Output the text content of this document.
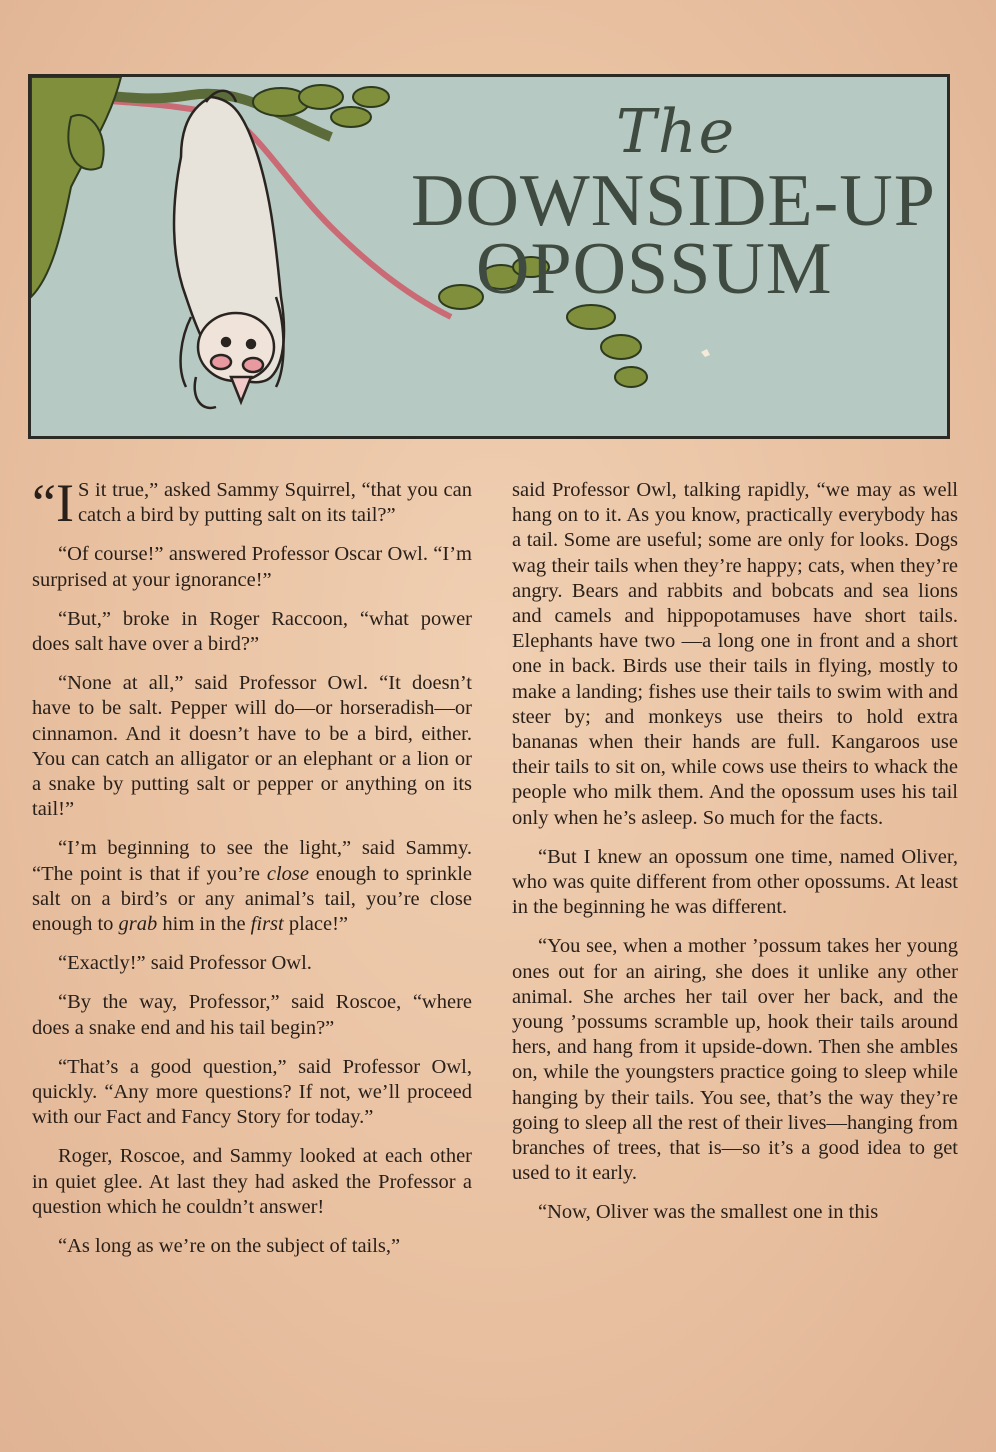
The
DOWNSIDE-UP
OPOSSUM

“I S it true,” asked Sammy Squirrel, “that you can catch a bird by putting salt on its tail?”

“Of course!” answered Professor Oscar Owl. “I’m surprised at your ignorance!”

“But,” broke in Roger Raccoon, “what power does salt have over a bird?”

“None at all,” said Professor Owl. “It doesn’t have to be salt. Pepper will do—or horseradish—or cinnamon. And it doesn’t have to be a bird, either. You can catch an alligator or an elephant or a lion or a snake by putting salt or pepper or anything on its tail!”

“I’m beginning to see the light,” said Sammy. “The point is that if you’re close enough to sprinkle salt on a bird’s or any animal’s tail, you’re close enough to grab him in the first place!”

“Exactly!” said Professor Owl.

“By the way, Professor,” said Roscoe, “where does a snake end and his tail begin?”

“That’s a good question,” said Professor Owl, quickly. “Any more questions? If not, we’ll proceed with our Fact and Fancy Story for today.”

Roger, Roscoe, and Sammy looked at each other in quiet glee. At last they had asked the Professor a question which he couldn’t answer!

“As long as we’re on the subject of tails,”

said Professor Owl, talking rapidly, “we may as well hang on to it. As you know, practically everybody has a tail. Some are useful; some are only for looks. Dogs wag their tails when they’re happy; cats, when they’re angry. Bears and rabbits and bobcats and sea lions and camels and hippopotamuses have short tails. Elephants have two —a long one in front and a short one in back. Birds use their tails in flying, mostly to make a landing; fishes use their tails to swim with and steer by; and monkeys use theirs to hold extra bananas when their hands are full. Kangaroos use their tails to sit on, while cows use theirs to whack the people who milk them. And the opossum uses his tail only when he’s asleep. So much for the facts.

“But I knew an opossum one time, named Oliver, who was quite different from other opossums. At least in the beginning he was different.

“You see, when a mother ’possum takes her young ones out for an airing, she does it unlike any other animal. She arches her tail over her back, and the young ’possums scramble up, hook their tails around hers, and hang from it upside-down. Then she ambles on, while the youngsters practice going to sleep while hanging by their tails. You see, that’s the way they’re going to sleep all the rest of their lives—hanging from branches of trees, that is—so it’s a good idea to get used to it early.

“Now, Oliver was the smallest one in this
